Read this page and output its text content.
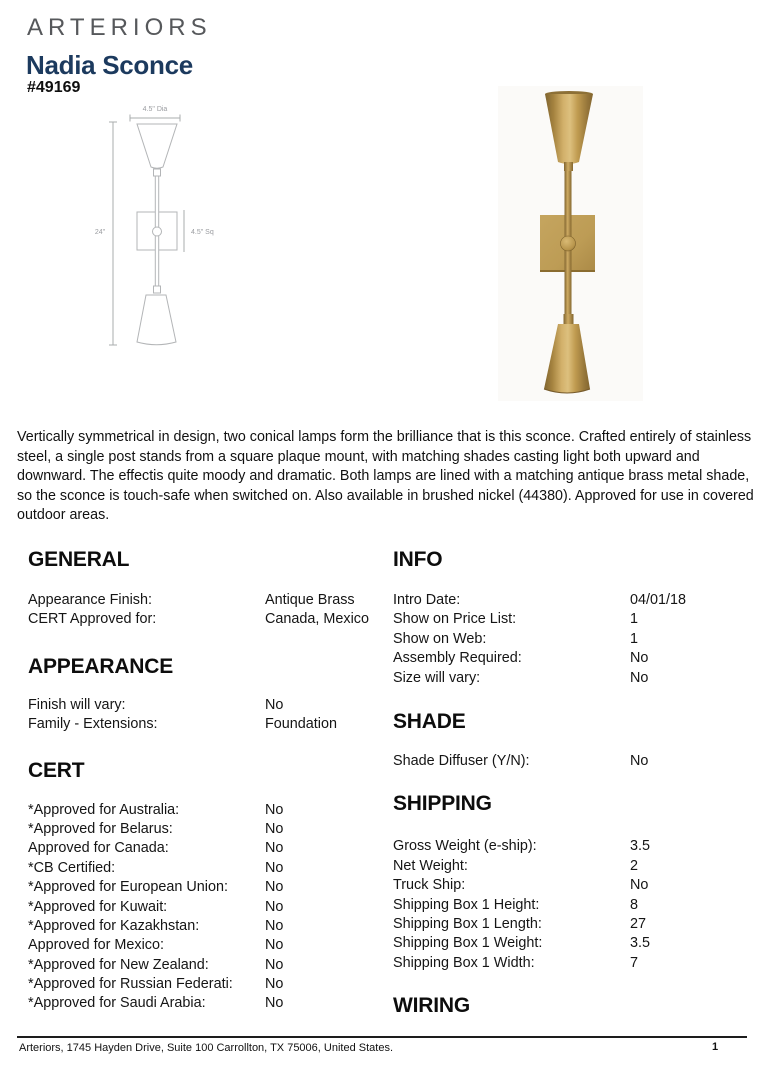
ARTERIORS
Nadia Sconce
#49169
4.5" Dia
24"	4.5" Sq

Vertically symmetrical in design, two conical lamps form the brilliance that is this sconce. Crafted entirely of stainless steel, a single post stands from a square plaque mount, with matching shades casting light both upward and downward. The effectis quite moody and dramatic. Both lamps are lined with a matching antique brass metal shade, so the sconce is touch-safe when switched on. Also available in brushed nickel (44380). Approved for use in covered outdoor areas.

GENERAL
Appearance Finish:	Antique Brass
CERT Approved for:	Canada, Mexico
APPEARANCE
Finish will vary:	No
Family - Extensions:	Foundation
CERT
*Approved for Australia:	No
*Approved for Belarus:	No
Approved for Canada:	No
*CB Certified:	No
*Approved for European Union:	No
*Approved for Kuwait:	No
*Approved for Kazakhstan:	No
Approved for Mexico:	No
*Approved for New Zealand:	No
*Approved for Russian Federati: No
*Approved for Saudi Arabia:	No
INFO
Intro Date:	04/01/18
Show on Price List:	1
Show on Web:	1
Assembly Required:	No
Size will vary:	No
SHADE
Shade Diffuser (Y/N):	No
SHIPPING
Gross Weight (e-ship):	3.5
Net Weight:	2
Truck Ship:	No
Shipping Box 1 Height:	8
Shipping Box 1 Length:	27
Shipping Box 1 Weight:	3.5
Shipping Box 1 Width:	7
WIRING
Arteriors, 1745 Hayden Drive, Suite 100 Carrollton, TX 75006, United States.	1
